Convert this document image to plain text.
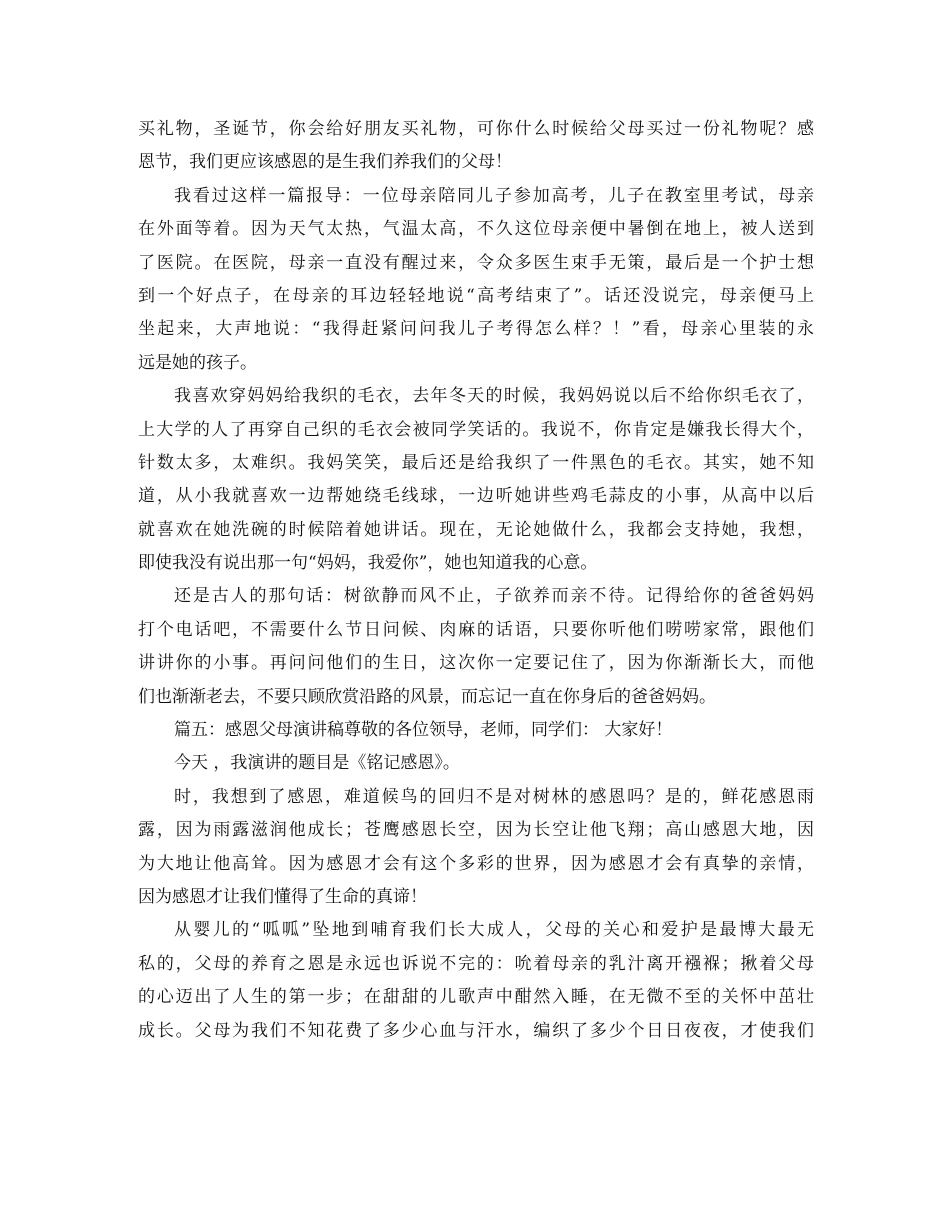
买礼物，圣诞节，你会给好朋友买礼物，可你什么时候给父母买过一份礼物呢？感
恩节，我们更应该感恩的是生我们养我们的父母！
我看过这样一篇报导：一位母亲陪同儿子参加高考，儿子在教室里考试，母亲
在外面等着。因为天气太热，气温太高，不久这位母亲便中暑倒在地上，被人送到
了医院。在医院，母亲一直没有醒过来，令众多医生束手无策，最后是一个护士想
到一个好点子，在母亲的耳边轻轻地说“高考结束了”。话还没说完，母亲便马上
坐起来，大声地说：“我得赶紧问问我儿子考得怎么样？！”看，母亲心里装的永
远是她的孩子。
我喜欢穿妈妈给我织的毛衣，去年冬天的时候，我妈妈说以后不给你织毛衣了，
上大学的人了再穿自己织的毛衣会被同学笑话的。我说不，你肯定是嫌我长得大个，
针数太多，太难织。我妈笑笑，最后还是给我织了一件黑色的毛衣。其实，她不知
道，从小我就喜欢一边帮她绕毛线球，一边听她讲些鸡毛蒜皮的小事，从高中以后
就喜欢在她洗碗的时候陪着她讲话。现在，无论她做什么，我都会支持她，我想，
即使我没有说出那一句“妈妈，我爱你”，她也知道我的心意。
还是古人的那句话：树欲静而风不止，子欲养而亲不待。记得给你的爸爸妈妈
打个电话吧，不需要什么节日问候、肉麻的话语，只要你听他们唠唠家常，跟他们
讲讲你的小事。再问问他们的生日，这次你一定要记住了，因为你渐渐长大，而他
们也渐渐老去，不要只顾欣赏沿路的风景，而忘记一直在你身后的爸爸妈妈。
篇五：感恩父母演讲稿尊敬的各位领导，老师，同学们： 大家好！
今天 ，我演讲的题目是《铭记感恩》。
时，我想到了感恩，难道候鸟的回归不是对树林的感恩吗？是的，鲜花感恩雨
露，因为雨露滋润他成长；苍鹰感恩长空，因为长空让他飞翔；高山感恩大地，因
为大地让他高耸。因为感恩才会有这个多彩的世界，因为感恩才会有真挚的亲情，
因为感恩才让我们懂得了生命的真谛！
从婴儿的“呱呱”坠地到哺育我们长大成人，父母的关心和爱护是最博大最无
私的，父母的养育之恩是永远也诉说不完的：吮着母亲的乳汁离开襁褓；揪着父母
的心迈出了人生的第一步；在甜甜的儿歌声中酣然入睡，在无微不至的关怀中茁壮
成长。父母为我们不知花费了多少心血与汗水，编织了多少个日日夜夜，才使我们
